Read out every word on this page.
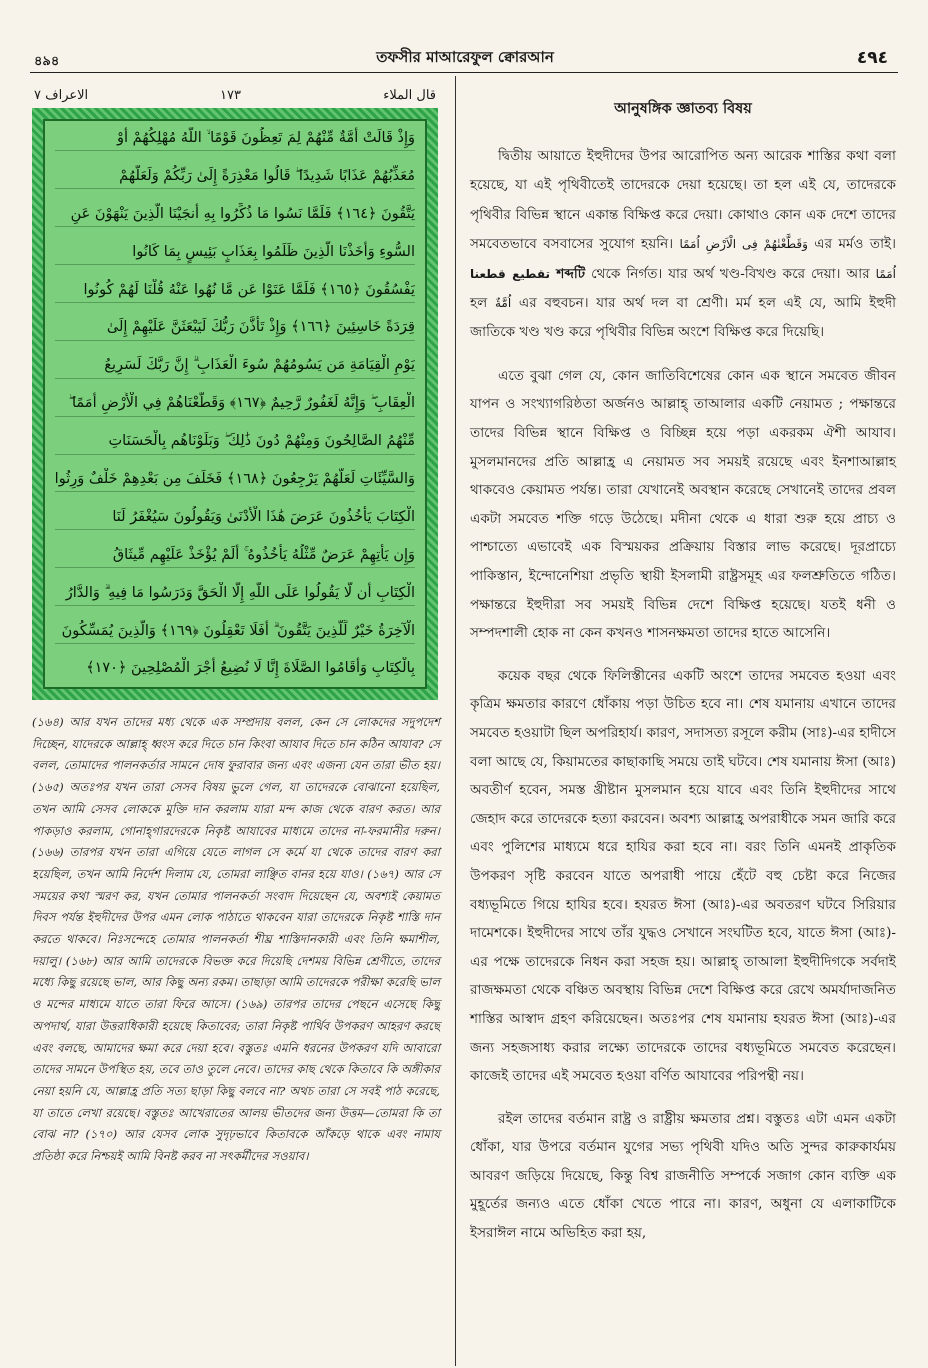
৪৯৪	তফসীর মাআরেফুল ক্বোরআন	٤٩٤
الاعراف ٧	١٧٣	قال الملاء
وَإِذْ قَالَتْ أُمَّةٌ مِّنْهُمْ لِمَ تَعِظُونَ قَوْمًا ۙ اللَّهُ مُهْلِكُهُمْ أَوْ
مُعَذِّبُهُمْ عَذَابًا شَدِيدًا ۖ قَالُوا مَعْذِرَةً إِلَىٰ رَبِّكُمْ وَلَعَلَّهُمْ
يَتَّقُونَ ﴿١٦٤﴾ فَلَمَّا نَسُوا مَا ذُكِّرُوا بِهِ أَنجَيْنَا الَّذِينَ يَنْهَوْنَ عَنِ
السُّوءِ وَأَخَذْنَا الَّذِينَ ظَلَمُوا بِعَذَابٍ بَئِيسٍ بِمَا كَانُوا
يَفْسُقُونَ ﴿١٦٥﴾ فَلَمَّا عَتَوْا عَن مَّا نُهُوا عَنْهُ قُلْنَا لَهُمْ كُونُوا
قِرَدَةً خَاسِئِينَ ﴿١٦٦﴾ وَإِذْ تَأَذَّنَ رَبُّكَ لَيَبْعَثَنَّ عَلَيْهِمْ إِلَىٰ
يَوْمِ الْقِيَامَةِ مَن يَسُومُهُمْ سُوءَ الْعَذَابِ ۗ إِنَّ رَبَّكَ لَسَرِيعُ
الْعِقَابِ ۖ وَإِنَّهُ لَغَفُورٌ رَّحِيمٌ ﴿١٦٧﴾ وَقَطَّعْنَاهُمْ فِي الْأَرْضِ أُمَمًا ۖ
مِّنْهُمُ الصَّالِحُونَ وَمِنْهُمْ دُونَ ذَٰلِكَ ۖ وَبَلَوْنَاهُم بِالْحَسَنَاتِ
وَالسَّيِّئَاتِ لَعَلَّهُمْ يَرْجِعُونَ ﴿١٦٨﴾ فَخَلَفَ مِن بَعْدِهِمْ خَلْفٌ وَرِثُوا
الْكِتَابَ يَأْخُذُونَ عَرَضَ هَٰذَا الْأَدْنَىٰ وَيَقُولُونَ سَيُغْفَرُ لَنَا
وَإِن يَأْتِهِمْ عَرَضٌ مِّثْلُهُ يَأْخُذُوهُ ۚ أَلَمْ يُؤْخَذْ عَلَيْهِم مِّيثَاقُ
الْكِتَابِ أَن لَّا يَقُولُوا عَلَى اللَّهِ إِلَّا الْحَقَّ وَدَرَسُوا مَا فِيهِ ۗ وَالدَّارُ
الْآخِرَةُ خَيْرٌ لِّلَّذِينَ يَتَّقُونَ ۗ أَفَلَا تَعْقِلُونَ ﴿١٦٩﴾ وَالَّذِينَ يُمَسِّكُونَ
بِالْكِتَابِ وَأَقَامُوا الصَّلَاةَ إِنَّا لَا نُضِيعُ أَجْرَ الْمُصْلِحِينَ ﴿١٧٠﴾

(১৬৪) আর যখন তাদের মধ্য থেকে এক সম্প্রদায় বলল, কেন সে লোকদের সদুপদেশ দিচ্ছেন, যাদেরকে আল্লাহ্ ধ্বংস করে দিতে চান কিংবা আযাব দিতে চান কঠিন আযাব? সে বলল, তোমাদের পালনকর্তার সামনে দোষ ফুরাবার জন্য এবং এজন্য যেন তারা ভীত হয়। (১৬৫) অতঃপর যখন তারা সেসব বিষয় ভুলে গেল, যা তাদেরকে বোঝানো হয়েছিল, তখন আমি সেসব লোককে মুক্তি দান করলাম যারা মন্দ কাজ থেকে বারণ করত। আর পাকড়াও করলাম, গোনাহ্গারদেরকে নিকৃষ্ট আযাবের মাধ্যমে তাদের না-ফরমানীর দরুন। (১৬৬) তারপর যখন তারা এগিয়ে যেতে লাগল সে কর্মে যা থেকে তাদের বারণ করা হয়েছিল, তখন আমি নির্দেশ দিলাম যে, তোমরা লাঞ্ছিত বানর হয়ে যাও। (১৬৭) আর সে সময়ের কথা স্মরণ কর, যখন তোমার পালনকর্তা সংবাদ দিয়েছেন যে, অবশ্যই কেয়ামত দিবস পর্যন্ত ইহুদীদের উপর এমন লোক পাঠাতে থাকবেন যারা তাদেরকে নিকৃষ্ট শাস্তি দান করতে থাকবে। নিঃসন্দেহে তোমার পালনকর্তা শীঘ্র শাস্তিদানকারী এবং তিনি ক্ষমাশীল, দয়ালু। (১৬৮) আর আমি তাদেরকে বিভক্ত করে দিয়েছি দেশময় বিভিন্ন শ্রেণীতে, তাদের মধ্যে কিছু রয়েছে ভাল, আর কিছু অন্য রকম। তাছাড়া আমি তাদেরকে পরীক্ষা করেছি ভাল ও মন্দের মাধ্যমে যাতে তারা ফিরে আসে। (১৬৯) তারপর তাদের পেছনে এসেছে কিছু অপদার্থ, যারা উত্তরাধিকারী হয়েছে কিতাবের; তারা নিকৃষ্ট পার্থিব উপকরণ আহরণ করছে এবং বলছে, আমাদের ক্ষমা করে দেয়া হবে। বস্তুতঃ এমনি ধরনের উপকরণ যদি আবারো তাদের সামনে উপস্থিত হয়, তবে তাও তুলে নেবে। তাদের কাছ থেকে কিতাবে কি অঙ্গীকার নেয়া হয়নি যে, আল্লাহ্র প্রতি সত্য ছাড়া কিছু বলবে না? অথচ তারা সে সবই পাঠ করেছে, যা তাতে লেখা রয়েছে। বস্তুতঃ আখেরাতের আলয় ভীতদের জন্য উত্তম—তোমরা কি তা বোঝ না? (১৭০) আর যেসব লোক সুদৃঢ়ভাবে কিতাবকে আঁকড়ে থাকে এবং নামায প্রতিষ্ঠা করে নিশ্চয়ই আমি বিনষ্ট করব না সৎকর্মীদের সওয়াব।

আনুষঙ্গিক জ্ঞাতব্য বিষয়

দ্বিতীয় আয়াতে ইহুদীদের উপর আরোপিত অন্য আরেক শাস্তির কথা বলা হয়েছে, যা এই পৃথিবীতেই তাদেরকে দেয়া হয়েছে। তা হল এই যে, তাদেরকে পৃথিবীর বিভিন্ন স্থানে একান্ত বিক্ষিপ্ত করে দেয়া। কোথাও কোন এক দেশে তাদের সমবেতভাবে বসবাসের সুযোগ হয়নি। وَقَطَّعْنٰهُمْ فِى الْاَرْضِ اُمَمًا এর মর্মও তাই। تقطيع قطعنا	শব্দটি থেকে নির্গত। যার অর্থ খণ্ড-বিখণ্ড করে দেয়া। আর اُمَمًا হল اُمَّةٌ এর বহুবচন। যার অর্থ দল বা শ্রেণী। মর্ম হল এই যে, আমি ইহুদী জাতিকে খণ্ড খণ্ড করে পৃথিবীর বিভিন্ন অংশে বিক্ষিপ্ত করে দিয়েছি।

এতে বুঝা গেল যে, কোন জাতিবিশেষের কোন এক স্থানে সমবেত জীবন যাপন ও সংখ্যাগরিষ্ঠতা অর্জনও আল্লাহ্ তাআলার একটি নেয়ামত ; পক্ষান্তরে তাদের বিভিন্ন স্থানে বিক্ষিপ্ত ও বিচ্ছিন্ন হয়ে পড়া একরকম ঐশী আযাব। মুসলমানদের প্রতি আল্লাহ্র এ নেয়ামত সব সময়ই রয়েছে এবং ইনশাআল্লাহ থাকবেও কেয়ামত পর্যন্ত। তারা যেখানেই অবস্থান করেছে সেখানেই তাদের প্রবল একটা সমবেত শক্তি গড়ে উঠেছে। মদীনা থেকে এ ধারা শুরু হয়ে প্রাচ্য ও পাশ্চাত্যে এভাবেই এক বিস্ময়কর প্রক্রিয়ায় বিস্তার লাভ করেছে। দূরপ্রাচ্যে পাকিস্তান, ইন্দোনেশিয়া প্রভৃতি স্থায়ী ইসলামী রাষ্ট্রসমূহ এর ফলশ্রুতিতে গঠিত। পক্ষান্তরে ইহুদীরা সব সময়ই বিভিন্ন দেশে বিক্ষিপ্ত হয়েছে। যতই ধনী ও সম্পদশালী হোক না কেন কখনও শাসনক্ষমতা তাদের হাতে আসেনি।

কয়েক বছর থেকে ফিলিস্তীনের একটি অংশে তাদের সমবেত হওয়া এবং কৃত্রিম ক্ষমতার কারণে ধোঁকায় পড়া উচিত হবে না। শেষ যমানায় এখানে তাদের সমবেত হওয়াটা ছিল অপরিহার্য। কারণ, সদাসত্য রসূলে করীম (সাঃ)-এর হাদীসে বলা আছে যে, কিয়ামতের কাছাকাছি সময়ে তাই ঘটবে। শেষ যমানায় ঈসা (আঃ) অবতীর্ণ হবেন, সমস্ত খ্রীষ্টান মুসলমান হয়ে যাবে এবং তিনি ইহুদীদের সাথে জেহাদ করে তাদেরকে হত্যা করবেন। অবশ্য আল্লাহ্র অপরাধীকে সমন জারি করে এবং পুলিশের মাধ্যমে ধরে হাযির করা হবে না। বরং তিনি এমনই প্রাকৃতিক উপকরণ সৃষ্টি করবেন যাতে অপরাধী পায়ে হেঁটে বহু চেষ্টা করে নিজের বধ্যভূমিতে গিয়ে হাযির হবে। হযরত ঈসা (আঃ)-এর অবতরণ ঘটবে সিরিয়ার দামেশকে। ইহুদীদের সাথে তাঁর যুদ্ধও সেখানে সংঘটিত হবে, যাতে ঈসা (আঃ)-এর পক্ষে তাদেরকে নিধন করা সহজ হয়। আল্লাহ্ তাআলা ইহুদীদিগকে সর্বদাই রাজক্ষমতা থেকে বঞ্চিত অবস্থায় বিভিন্ন দেশে বিক্ষিপ্ত করে রেখে অমর্যাদাজনিত শাস্তির আস্বাদ গ্রহণ করিয়েছেন। অতঃপর শেষ যমানায় হযরত ঈসা (আঃ)-এর জন্য সহজসাধ্য করার লক্ষ্যে তাদেরকে তাদের বধ্যভূমিতে সমবেত করেছেন। কাজেই তাদের এই সমবেত হওয়া বর্ণিত আযাবের পরিপন্থী নয়।

রইল তাদের বর্তমান রাষ্ট্র ও রাষ্ট্রীয় ক্ষমতার প্রশ্ন। বস্তুতঃ এটা এমন একটা ধোঁকা, যার উপরে বর্তমান যুগের সভ্য পৃথিবী যদিও অতি সুন্দর কারুকার্যময় আবরণ জড়িয়ে দিয়েছে, কিন্তু বিশ্ব রাজনীতি সম্পর্কে সজাগ কোন ব্যক্তি এক মুহূর্তের জন্যও এতে ধোঁকা খেতে পারে না। কারণ, অধুনা যে এলাকাটিকে ইসরাঈল নামে অভিহিত করা হয়,
